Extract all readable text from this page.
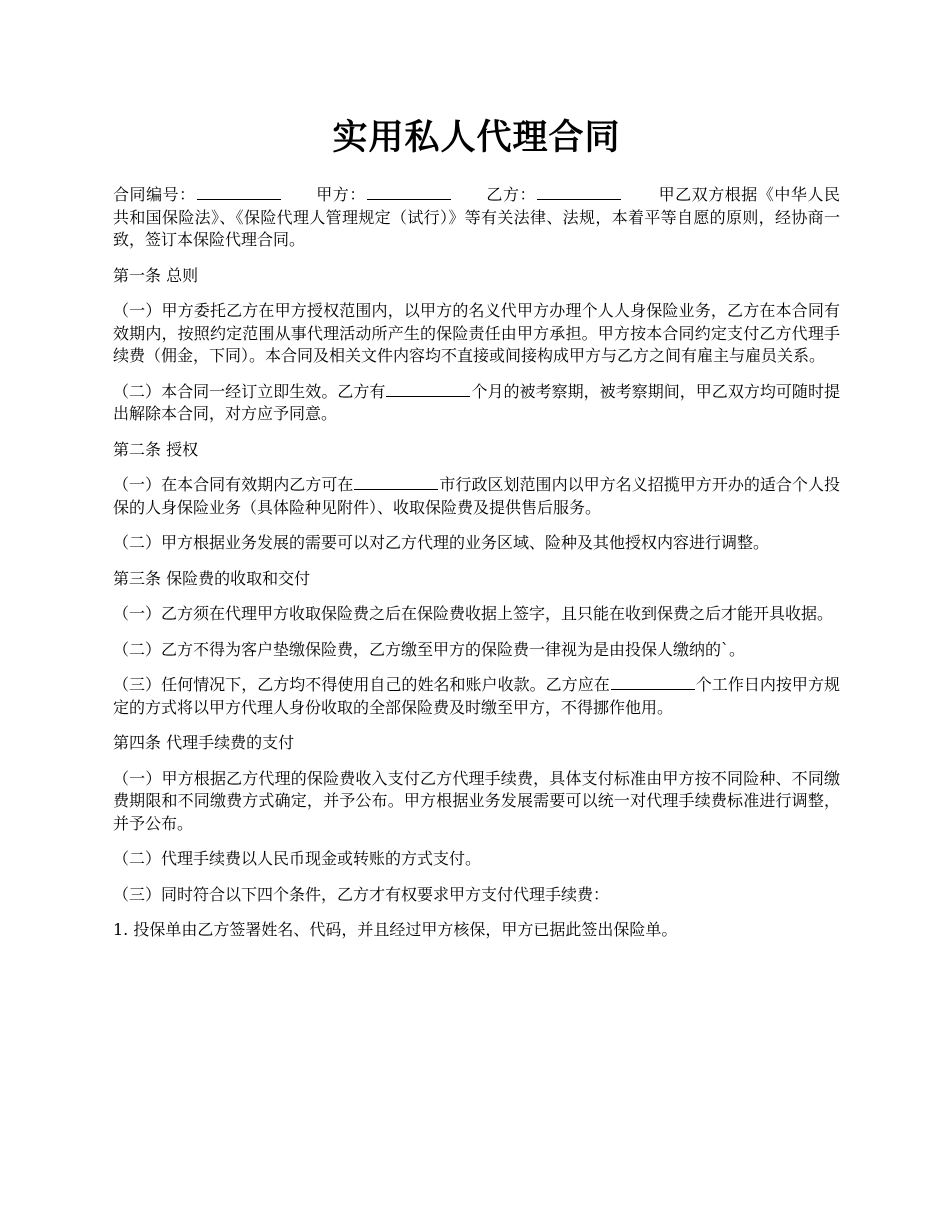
实用私人代理合同

合同编号：	甲方：	乙方：	甲乙双方根据《中华人民共和国保险法》、《保险代理人管理规定（试行）》等有关法律、法规，本着平等自愿的原则，经协商一致，签订本保险代理合同。

第一条 总则

（一）甲方委托乙方在甲方授权范围内，以甲方的名义代甲方办理个人人身保险业务，乙方在本合同有效期内，按照约定范围从事代理活动所产生的保险责任由甲方承担。甲方按本合同约定支付乙方代理手续费（佣金，下同）。本合同及相关文件内容均不直接或间接构成甲方与乙方之间有雇主与雇员关系。

（二）本合同一经订立即生效。乙方有	个月的被考察期，被考察期间，甲乙双方均可随时提出解除本合同，对方应予同意。

第二条 授权

（一）在本合同有效期内乙方可在	市行政区划范围内以甲方名义招揽甲方开办的适合个人投保的人身保险业务（具体险种见附件）、收取保险费及提供售后服务。

（二）甲方根据业务发展的需要可以对乙方代理的业务区域、险种及其他授权内容进行调整。

第三条 保险费的收取和交付

（一）乙方须在代理甲方收取保险费之后在保险费收据上签字，且只能在收到保费之后才能开具收据。

（二）乙方不得为客户垫缴保险费，乙方缴至甲方的保险费一律视为是由投保人缴纳的`。

（三）任何情况下，乙方均不得使用自己的姓名和账户收款。乙方应在	个工作日内按甲方规定的方式将以甲方代理人身份收取的全部保险费及时缴至甲方，不得挪作他用。

第四条 代理手续费的支付

（一）甲方根据乙方代理的保险费收入支付乙方代理手续费，具体支付标准由甲方按不同险种、不同缴费期限和不同缴费方式确定，并予公布。甲方根据业务发展需要可以统一对代理手续费标准进行调整，并予公布。

（二）代理手续费以人民币现金或转账的方式支付。

（三）同时符合以下四个条件，乙方才有权要求甲方支付代理手续费：

1. 投保单由乙方签署姓名、代码，并且经过甲方核保，甲方已据此签出保险单。
